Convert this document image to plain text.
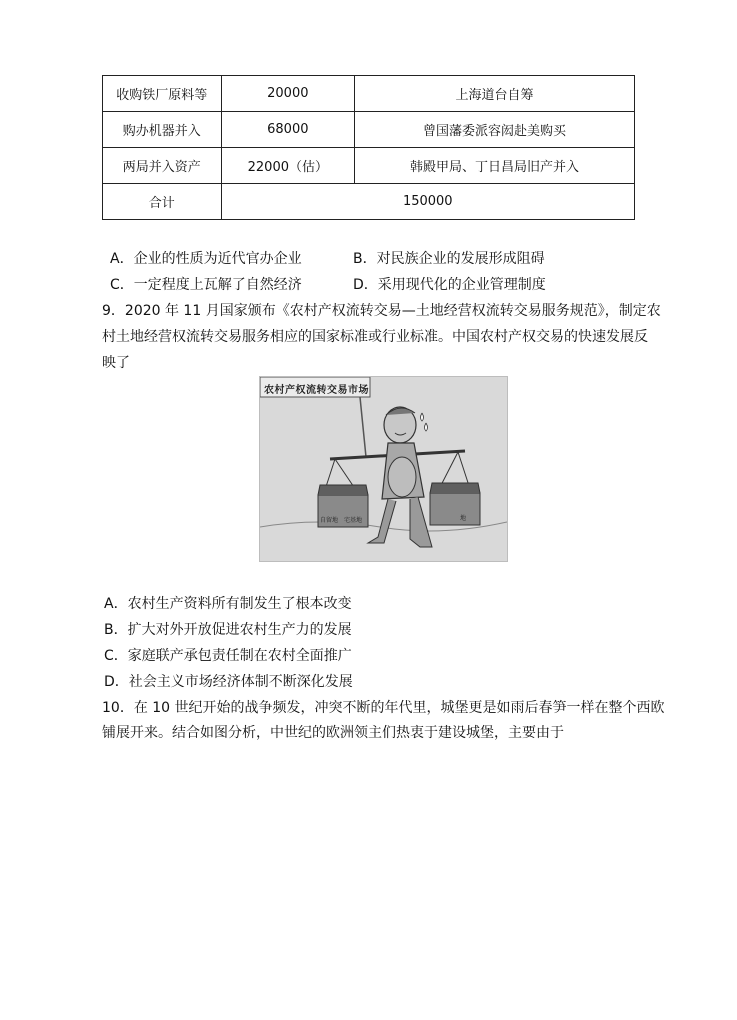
收购铁厂原料等	20000	上海道台自筹
购办机器并入	68000	曾国藩委派容闳赴美购买
两局并入资产	22000（估）	韩殿甲局、丁日昌局旧产并入
合计	150000	
A．企业的性质为近代官办企业	B．对民族企业的发展形成阻碍
C．一定程度上瓦解了自然经济	D．采用现代化的企业管理制度
9．2020 年 11 月国家颁布《农村产权流转交易—土地经营权流转交易服务规范》，制定农
村土地经营权流转交易服务相应的国家标准或行业标准。中国农村产权交易的快速发展反
映了
农村产权流转交易市场
自留地 宅基地	地
A．农村生产资料所有制发生了根本改变
B．扩大对外开放促进农村生产力的发展
C．家庭联产承包责任制在农村全面推广
D．社会主义市场经济体制不断深化发展
10．在 10 世纪开始的战争频发，冲突不断的年代里，城堡更是如雨后春笋一样在整个西欧
铺展开来。结合如图分析，中世纪的欧洲领主们热衷于建设城堡，主要由于
